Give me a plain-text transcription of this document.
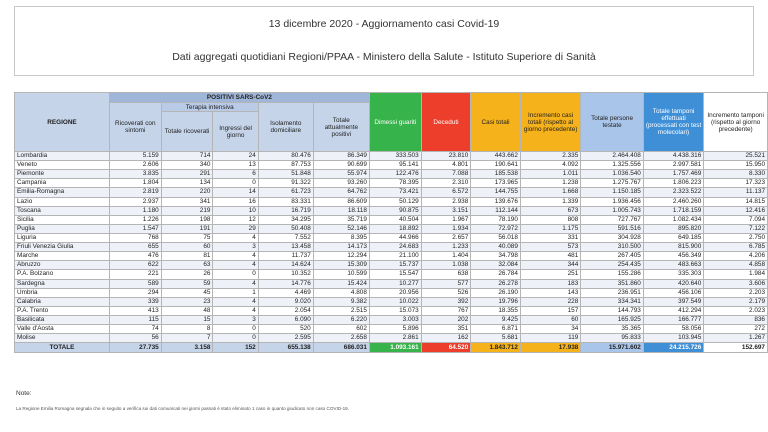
13 dicembre 2020 - Aggiornamento casi Covid-19
Dati aggregati quotidiani Regioni/PPAA - Ministero della Salute - Istituto Superiore di Sanità
REGIONE	POSITIVI SARS-CoV2					Dimessi guariti	Deceduti	Casi totali	Incremento casi totali (rispetto al giorno precedente)	Totale persone testate	Totale tamponi effettuati (processati con test molecolari)	Incremento tamponi (rispetto al giorno precedente)
	Ricoverati con sintomi	Terapia intensiva		Isolamento domiciliare	Totale attualmente positivi							
		Totale ricoverati	Ingressi del giorno									
Lombardia	5.159	714	24	80.476	86.349	333.503	23.810	443.662	2.335	2.464.408	4.438.316	25.521
Veneto	2.606	340	13	87.753	90.699	95.141	4.801	190.641	4.092	1.325.556	2.997.581	15.950
Piemonte	3.835	291	6	51.848	55.974	122.476	7.088	185.538	1.011	1.036.540	1.757.469	8.330
Campania	1.804	134	0	91.322	93.260	78.395	2.310	173.965	1.238	1.275.767	1.806.223	17.323
Emilia-Romagna	2.819	220	14	61.723	64.762	73.421	6.572	144.755	1.668	1.150.185	2.323.522	11.137
Lazio	2.937	341	16	83.331	86.609	50.129	2.938	139.676	1.339	1.936.456	2.460.260	14.815
Toscana	1.180	219	10	16.719	18.118	90.875	3.151	112.144	673	1.005.743	1.718.159	12.416
Sicilia	1.226	198	12	34.295	35.719	40.504	1.967	78.190	808	727.767	1.082.434	7.094
Puglia	1.547	191	29	50.408	52.146	18.892	1.934	72.972	1.175	591.516	895.820	7.122
Liguria	768	75	4	7.552	8.395	44.966	2.657	56.018	331	304.928	649.185	2.750
Friuli Venezia Giulia	655	60	3	13.458	14.173	24.683	1.233	40.089	573	310.500	815.900	6.785
Marche	476	81	4	11.737	12.294	21.100	1.404	34.798	481	267.405	456.349	4.206
Abruzzo	622	63	4	14.624	15.309	15.737	1.038	32.084	344	254.435	483.663	4.858
P.A. Bolzano	221	26	0	10.352	10.599	15.547	638	26.784	251	155.286	335.303	1.984
Sardegna	589	59	4	14.776	15.424	10.277	577	26.278	183	351.860	420.640	3.606
Umbria	294	45	1	4.469	4.808	20.956	526	26.190	143	236.951	456.106	2.203
Calabria	339	23	4	9.020	9.382	10.022	392	19.796	228	334.341	397.549	2.179
P.A. Trento	413	48	4	2.054	2.515	15.073	767	18.355	157	144.793	412.294	2.023
Basilicata	115	15	3	6.090	6.220	3.003	202	9.425	60	165.925	166.777	836
Valle d'Aosta	74	8	0	520	602	5.896	351	6.871	34	35.365	58.056	272
Molise	56	7	0	2.595	2.658	2.861	162	5.681	119	95.833	103.945	1.267
TOTALE	27.735	3.158	152	655.138	686.031	1.093.161	64.520	1.843.712	17.938	15.971.602	24.215.726	152.697
Note:
La Regione Emilia Romagna segnala che in seguito a verifica sui dati comunicati nei giorni passati è stato eliminato 1 caso in quanto giudicato non caso COVID-19.
